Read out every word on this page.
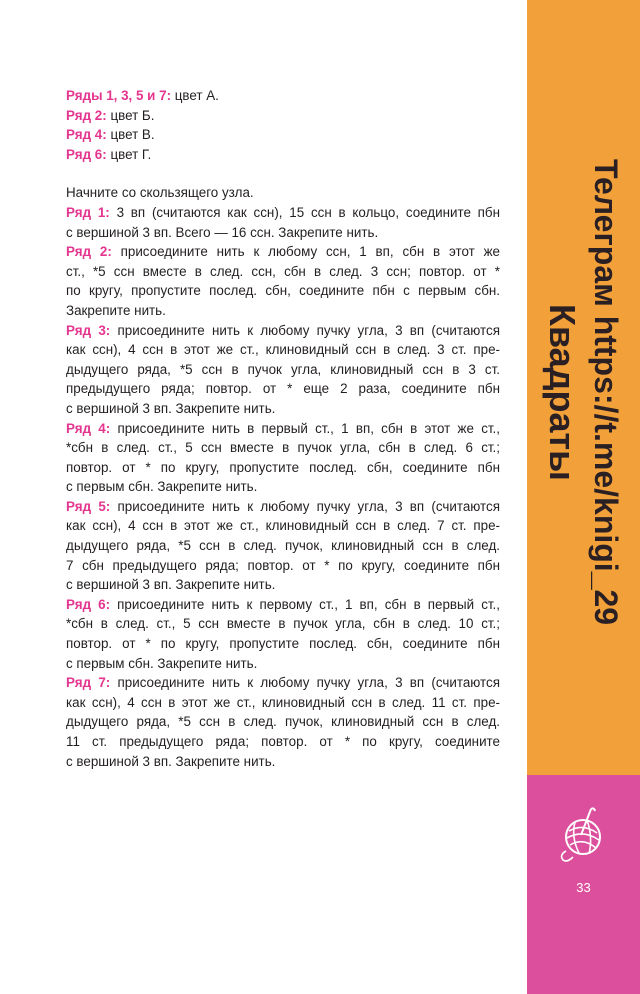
Ряды 1, 3, 5 и 7: цвет А.
Ряд 2: цвет Б.
Ряд 4: цвет В.
Ряд 6: цвет Г.
Начните со скользящего узла.
Ряд 1: 3 вп (считаются как ссн), 15 ссн в кольцо, соедините пбн
с вершиной 3 вп. Всего — 16 ссн. Закрепите нить.
Ряд 2: присоедините нить к любому ссн, 1 вп, сбн в этот же
ст., *5 ссн вместе в след. ссн, сбн в след. 3 ссн; повтор. от *
по кругу, пропустите послед. сбн, соедините пбн с первым сбн.
Закрепите нить.
Ряд 3: присоедините нить к любому пучку угла, 3 вп (считаются
как ссн), 4 ссн в этот же ст., клиновидный ссн в след. 3 ст. пре-
дыдущего ряда, *5 ссн в пучок угла, клиновидный ссн в 3 ст.
предыдущего ряда; повтор. от * еще 2 раза, соедините пбн
с вершиной 3 вп. Закрепите нить.
Ряд 4: присоедините нить в первый ст., 1 вп, сбн в этот же ст.,
*сбн в след. ст., 5 ссн вместе в пучок угла, сбн в след. 6 ст.;
повтор. от * по кругу, пропустите послед. сбн, соедините пбн
с первым сбн. Закрепите нить.
Ряд 5: присоедините нить к любому пучку угла, 3 вп (считаются
как ссн), 4 ссн в этот же ст., клиновидный ссн в след. 7 ст. пре-
дыдущего ряда, *5 ссн в след. пучок, клиновидный ссн в след.
7 сбн предыдущего ряда; повтор. от * по кругу, соедините пбн
с вершиной 3 вп. Закрепите нить.
Ряд 6: присоедините нить к первому ст., 1 вп, сбн в первый ст.,
*сбн в след. ст., 5 ссн вместе в пучок угла, сбн в след. 10 ст.;
повтор. от * по кругу, пропустите послед. сбн, соедините пбн
с первым сбн. Закрепите нить.
Ряд 7: присоедините нить к любому пучку угла, 3 вп (считаются
как ссн), 4 ссн в этот же ст., клиновидный ссн в след. 11 ст. пре-
дыдущего ряда, *5 ссн в след. пучок, клиновидный ссн в след.
11 ст. предыдущего ряда; повтор. от * по кругу, соедините
с вершиной 3 вп. Закрепите нить.
Телеграм https://t.me/knigi_29
Квадраты
33
